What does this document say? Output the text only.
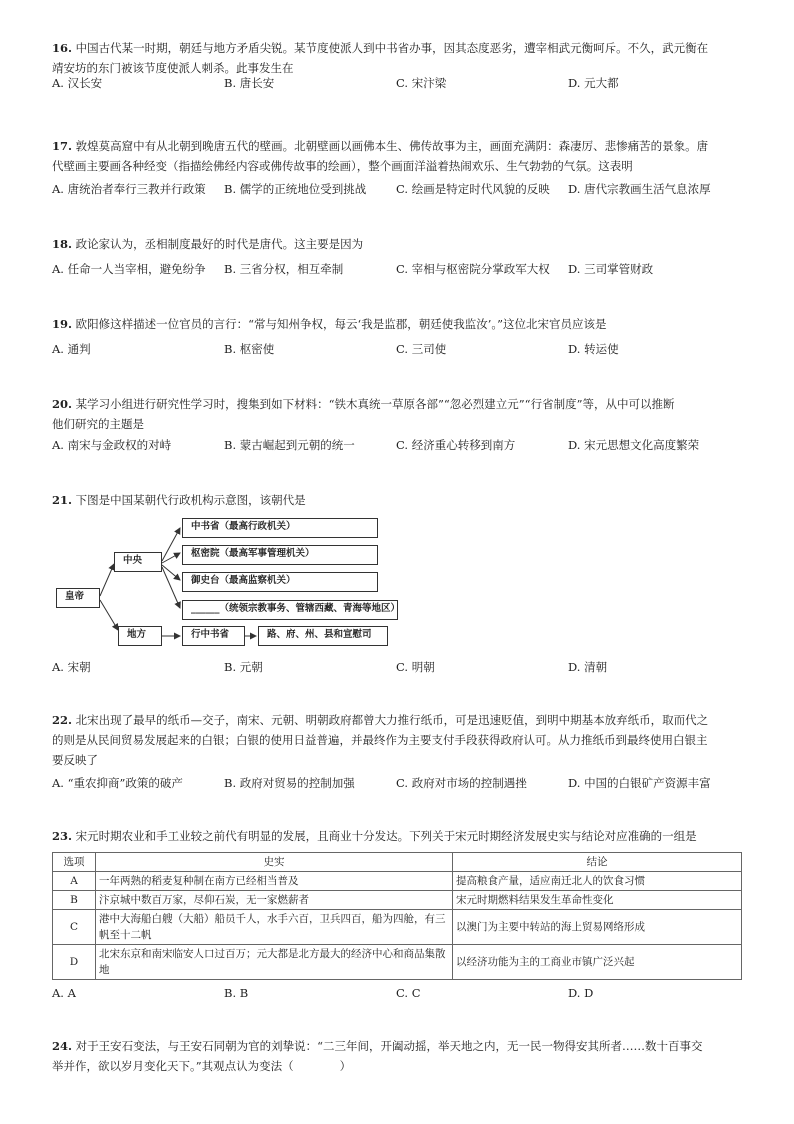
16. 中国古代某一时期，朝廷与地方矛盾尖锐。某节度使派人到中书省办事，因其态度恶劣，遭宰相武元衡呵斥。不久，武元衡在
靖安坊的东门被该节度使派人刺杀。此事发生在
A. 汉长安	B. 唐长安	C. 宋汴梁	D. 元大都
17. 敦煌莫高窟中有从北朝到晚唐五代的壁画。北朝壁画以画佛本生、佛传故事为主，画面充满阴：森凄厉、悲惨痛苦的景象。唐
代壁画主要画各种经变（指描绘佛经内容或佛传故事的绘画），整个画面洋溢着热闹欢乐、生气勃勃的气氛。这表明
A. 唐统治者奉行三教并行政策 B. 儒学的正统地位受到挑战	C. 绘画是特定时代风貌的反映 D. 唐代宗教画生活气息浓厚
18. 政论家认为，丞相制度最好的时代是唐代。这主要是因为
A. 任命一人当宰相，避免纷争 B. 三省分权，相互牵制	C. 宰相与枢密院分掌政军大权 D. 三司掌管财政
19. 欧阳修这样描述一位官员的言行：“常与知州争权，每云‘我是监郡，朝廷使我监汝’。”这位北宋官员应该是
A. 通判	B. 枢密使	C. 三司使	D. 转运使
20. 某学习小组进行研究性学习时，搜集到如下材料：“铁木真统一草原各部”“忽必烈建立元”“行省制度”等，从中可以推断
他们研究的主题是
A. 南宋与金政权的对峙	B. 蒙古崛起到元朝的统一	C. 经济重心转移到南方	D. 宋元思想文化高度繁荣
21. 下图是中国某朝代行政机构示意图，该朝代是
皇帝
中央
地方
中书省（最高行政机关）
枢密院（最高军事管理机关）
御史台（最高监察机关）
______（统领宗教事务、管辖西藏、青海等地区）
行中书省	路、府、州、县和宣慰司
A. 宋朝	B. 元朝	C. 明朝	D. 清朝
22. 北宋出现了最早的纸币—交子，南宋、元朝、明朝政府都曾大力推行纸币，可是迅速贬值，到明中期基本放弃纸币，取而代之
的则是从民间贸易发展起来的白银；白银的使用日益普遍，并最终作为主要支付手段获得政府认可。从力推纸币到最终使用白银主
要反映了
A. “重农抑商”政策的破产	B. 政府对贸易的控制加强	C. 政府对市场的控制遇挫	D. 中国的白银矿产资源丰富
23. 宋元时期农业和手工业较之前代有明显的发展，且商业十分发达。下列关于宋元时期经济发展史实与结论对应准确的一组是
选项	史实	结论
A	一年两熟的稻麦复种制在南方已经相当普及	提高粮食产量，适应南迁北人的饮食习惯
B	汴京城中数百万家，尽仰石炭，无一家燃薪者	宋元时期燃料结果发生革命性变化
C	港中大海船白艘（大船）船员千人，水手六百，卫兵四百，船为四舱，有三帆至十二帆	以澳门为主要中转站的海上贸易网络形成
D	北宋东京和南宋临安人口过百万；元大都是北方最大的经济中心和商品集散地	以经济功能为主的工商业市镇广泛兴起
A. A	B. B	C. C	D. D
24. 对于王安石变法，与王安石同朝为官的刘挚说：“二三年间，开阖动摇，举天地之内，无一民一物得安其所者……数十百事交
举并作，欲以岁月变化天下。”其观点认为变法（　　　　）
